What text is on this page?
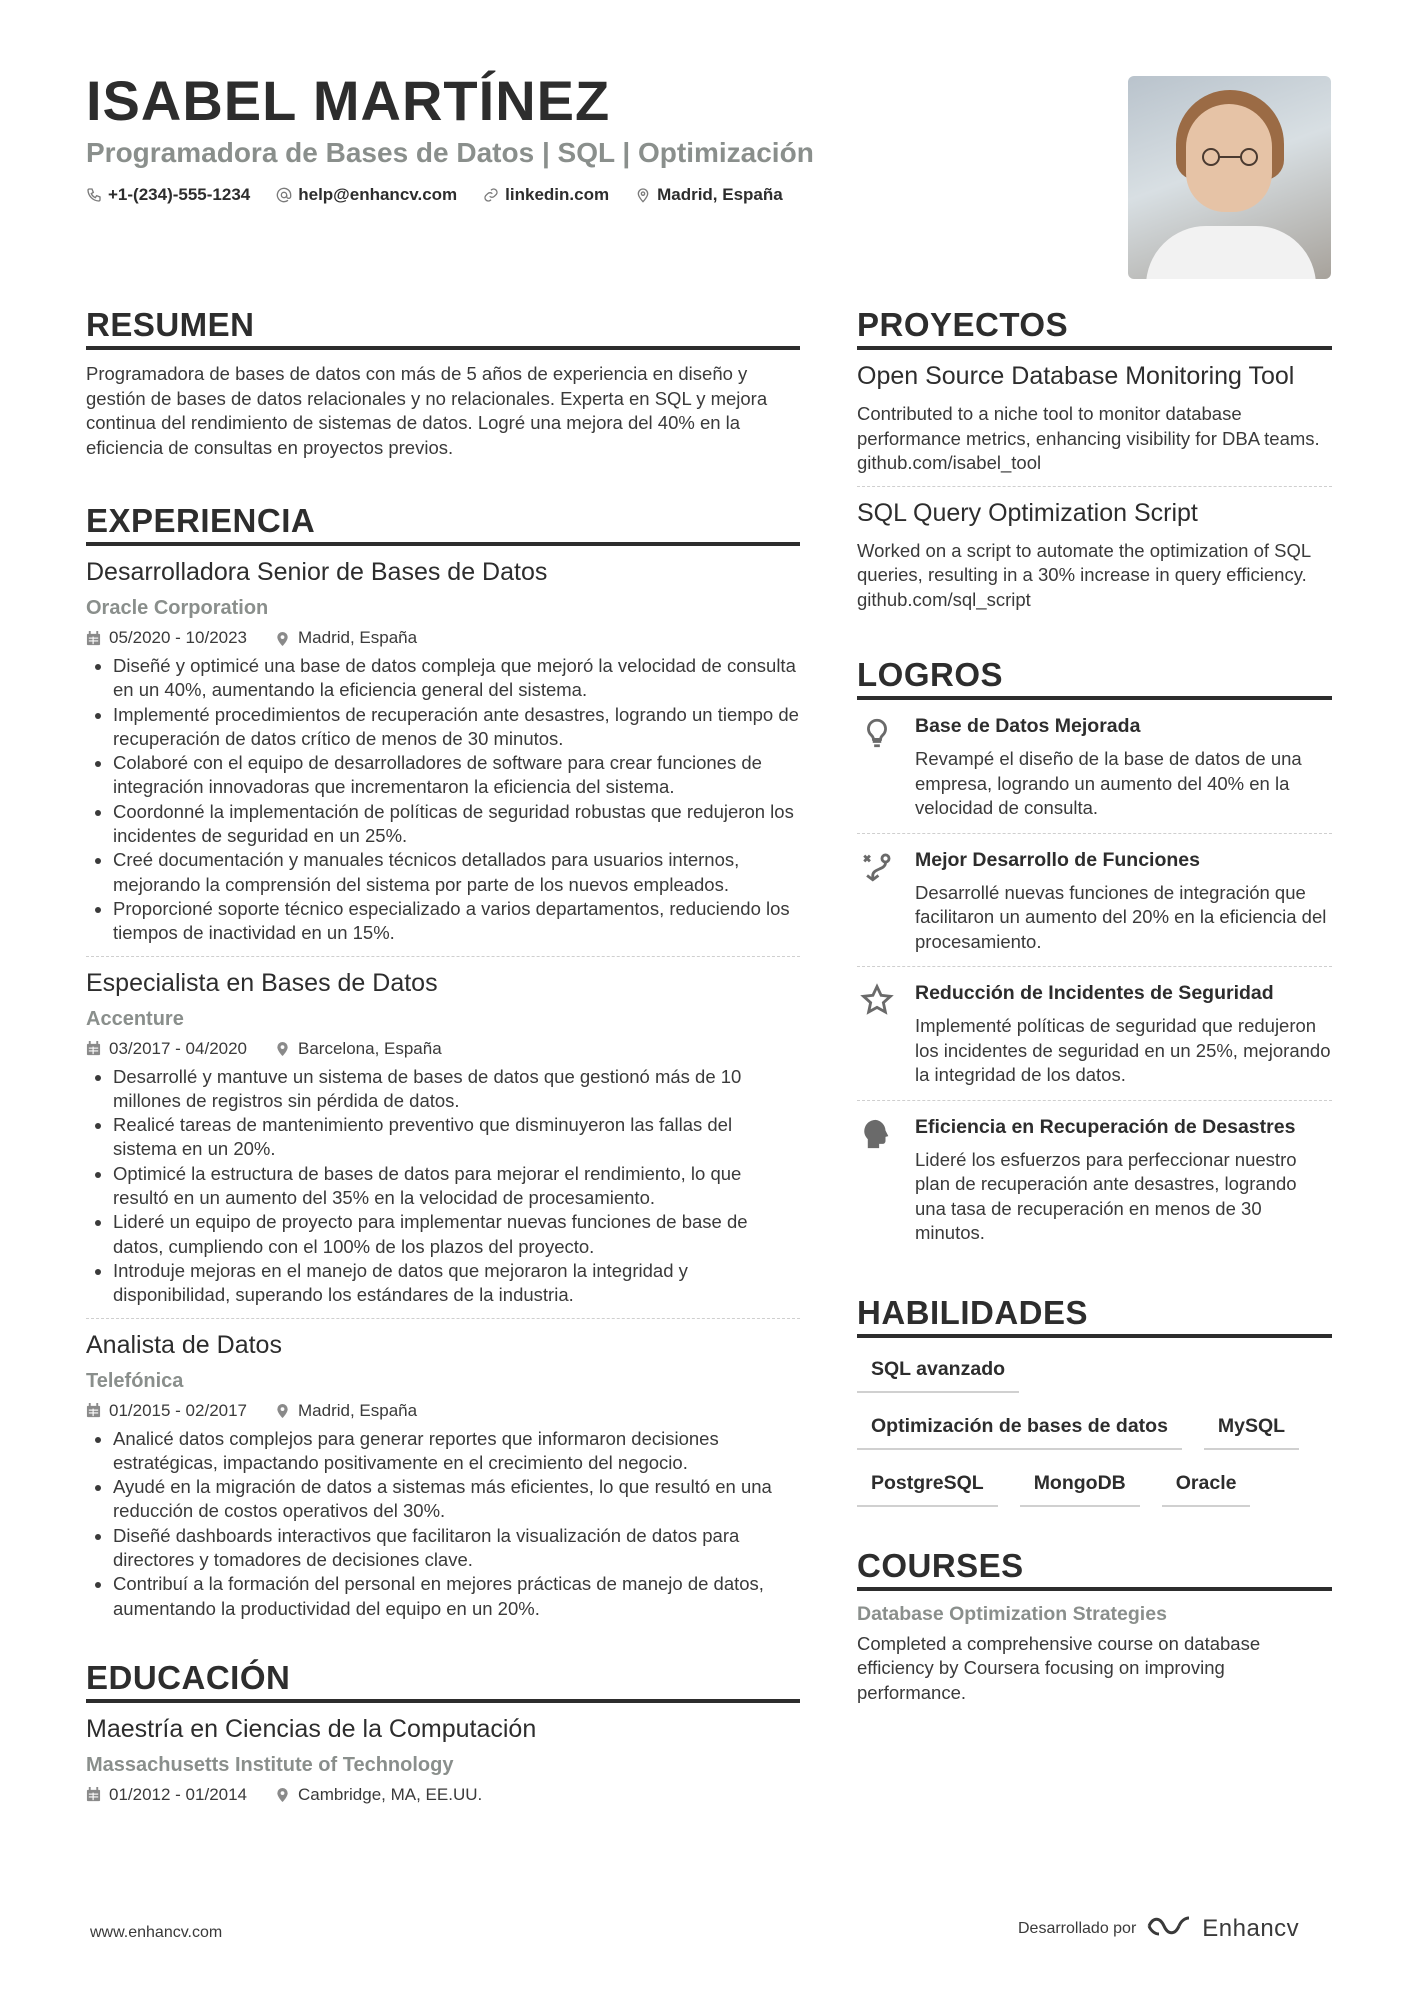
ISABEL MARTÍNEZ
Programadora de Bases de Datos | SQL | Optimización
+1-(234)-555-1234	help@enhancv.com	linkedin.com	Madrid, España
RESUMEN
Programadora de bases de datos con más de 5 años de experiencia en diseño y gestión de bases de datos relacionales y no relacionales. Experta en SQL y mejora continua del rendimiento de sistemas de datos. Logré una mejora del 40% en la eficiencia de consultas en proyectos previos.
EXPERIENCIA
Desarrolladora Senior de Bases de Datos
Oracle Corporation
05/2020 - 10/2023	Madrid, España
• Diseñé y optimicé una base de datos compleja que mejoró la velocidad de consulta en un 40%, aumentando la eficiencia general del sistema.
• Implementé procedimientos de recuperación ante desastres, logrando un tiempo de recuperación de datos crítico de menos de 30 minutos.
• Colaboré con el equipo de desarrolladores de software para crear funciones de integración innovadoras que incrementaron la eficiencia del sistema.
• Coordonné la implementación de políticas de seguridad robustas que redujeron los incidentes de seguridad en un 25%.
• Creé documentación y manuales técnicos detallados para usuarios internos, mejorando la comprensión del sistema por parte de los nuevos empleados.
• Proporcioné soporte técnico especializado a varios departamentos, reduciendo los tiempos de inactividad en un 15%.
Especialista en Bases de Datos
Accenture
03/2017 - 04/2020	Barcelona, España
• Desarrollé y mantuve un sistema de bases de datos que gestionó más de 10 millones de registros sin pérdida de datos.
• Realicé tareas de mantenimiento preventivo que disminuyeron las fallas del sistema en un 20%.
• Optimicé la estructura de bases de datos para mejorar el rendimiento, lo que resultó en un aumento del 35% en la velocidad de procesamiento.
• Lideré un equipo de proyecto para implementar nuevas funciones de base de datos, cumpliendo con el 100% de los plazos del proyecto.
• Introduje mejoras en el manejo de datos que mejoraron la integridad y disponibilidad, superando los estándares de la industria.
Analista de Datos
Telefónica
01/2015 - 02/2017	Madrid, España
• Analicé datos complejos para generar reportes que informaron decisiones estratégicas, impactando positivamente en el crecimiento del negocio.
• Ayudé en la migración de datos a sistemas más eficientes, lo que resultó en una reducción de costos operativos del 30%.
• Diseñé dashboards interactivos que facilitaron la visualización de datos para directores y tomadores de decisiones clave.
• Contribuí a la formación del personal en mejores prácticas de manejo de datos, aumentando la productividad del equipo en un 20%.
EDUCACIÓN
Maestría en Ciencias de la Computación
Massachusetts Institute of Technology
01/2012 - 01/2014	Cambridge, MA, EE.UU.
PROYECTOS
Open Source Database Monitoring Tool
Contributed to a niche tool to monitor database performance metrics, enhancing visibility for DBA teams. github.com/isabel_tool
SQL Query Optimization Script
Worked on a script to automate the optimization of SQL queries, resulting in a 30% increase in query efficiency. github.com/sql_script
LOGROS
Base de Datos Mejorada
Revampé el diseño de la base de datos de una empresa, logrando un aumento del 40% en la velocidad de consulta.
Mejor Desarrollo de Funciones
Desarrollé nuevas funciones de integración que facilitaron un aumento del 20% en la eficiencia del procesamiento.
Reducción de Incidentes de Seguridad
Implementé políticas de seguridad que redujeron los incidentes de seguridad en un 25%, mejorando la integridad de los datos.
Eficiencia en Recuperación de Desastres
Lideré los esfuerzos para perfeccionar nuestro plan de recuperación ante desastres, logrando una tasa de recuperación en menos de 30 minutos.
HABILIDADES
SQL avanzado
Optimización de bases de datos	MySQL
PostgreSQL	MongoDB	Oracle
COURSES
Database Optimization Strategies
Completed a comprehensive course on database efficiency by Coursera focusing on improving performance.
www.enhancv.com	Desarrollado por	Enhancv
